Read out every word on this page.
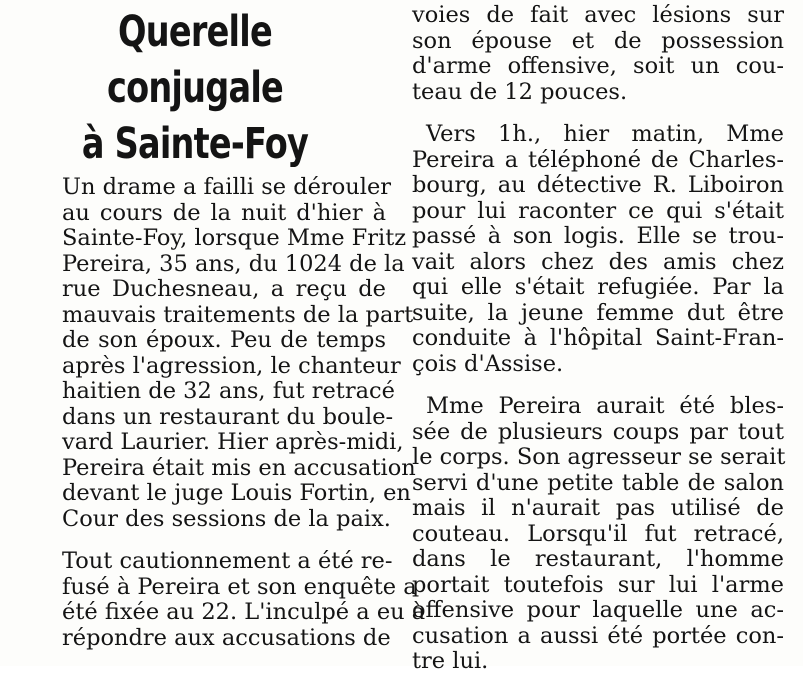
Querelle
conjugale
à Sainte-Foy

Un drame a failli se dérouler
au cours de la nuit d'hier à
Sainte-Foy, lorsque Mme Fritz
Pereira, 35 ans, du 1024 de la
rue Duchesneau, a reçu de
mauvais traitements de la part
de son époux. Peu de temps
après l'agression, le chanteur
haitien de 32 ans, fut retracé
dans un restaurant du boule-
vard Laurier. Hier après-midi,
Pereira était mis en accusation
devant le juge Louis Fortin, en
Cour des sessions de la paix.

Tout cautionnement a été re-
fusé à Pereira et son enquête a
été fixée au 22. L'inculpé a eu à
répondre aux accusations de

voies de fait avec lésions sur
son épouse et de possession
d'arme offensive, soit un cou-
teau de 12 pouces.

Vers 1h., hier matin, Mme
Pereira a téléphoné de Charles-
bourg, au détective R. Liboiron
pour lui raconter ce qui s'était
passé à son logis. Elle se trou-
vait alors chez des amis chez
qui elle s'était refugiée. Par la
suite, la jeune femme dut être
conduite à l'hôpital Saint-Fran-
çois d'Assise.

Mme Pereira aurait été bles-
sée de plusieurs coups par tout
le corps. Son agresseur se serait
servi d'une petite table de salon
mais il n'aurait pas utilisé de
couteau. Lorsqu'il fut retracé,
dans le restaurant, l'homme
portait toutefois sur lui l'arme
offensive pour laquelle une ac-
cusation a aussi été portée con-
tre lui.
